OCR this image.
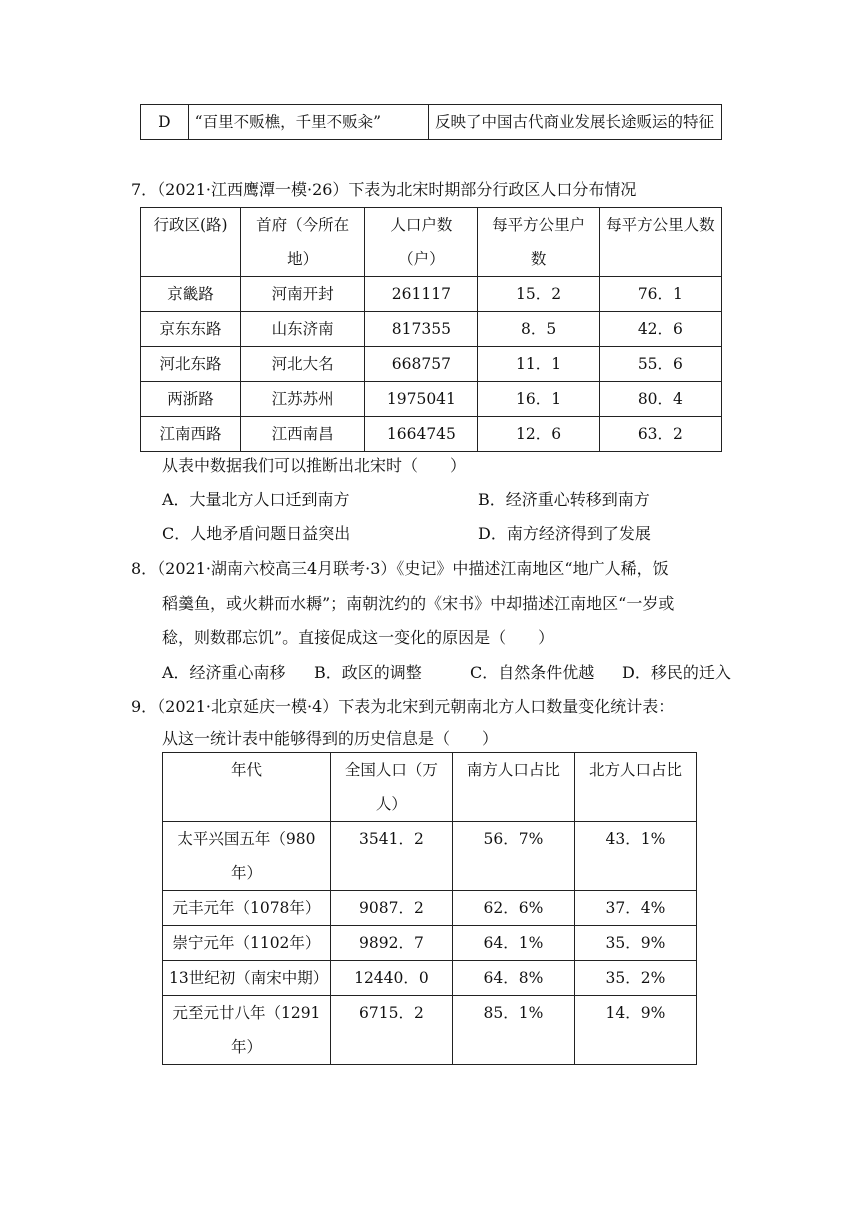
D	“百里不贩樵，千里不贩籴”	反映了中国古代商业发展长途贩运的特征
7．（2021·江西鹰潭一模·26）下表为北宋时期部分行政区人口分布情况
行政区(路)	首府（今所在地）	人口户数（户）	每平方公里户数	每平方公里人数
京畿路	河南开封	261117	15．2	76．1
京东东路	山东济南	817355	8．5	42．6
河北东路	河北大名	668757	11．1	55．6
两浙路	江苏苏州	1975041	16．1	80．4
江南西路	江西南昌	1664745	12．6	63．2
从表中数据我们可以推断出北宋时（　　）
A．大量北方人口迁到南方	B．经济重心转移到南方
C．人地矛盾问题日益突出	D．南方经济得到了发展
8．（2021·湖南六校高三4月联考·3）《史记》中描述江南地区“地广人稀，饭
稻羹鱼，或火耕而水耨”；南朝沈约的《宋书》中却描述江南地区“一岁或
稔，则数郡忘饥”。直接促成这一变化的原因是（　　）
A．经济重心南移 B．政区的调整	C．自然条件优越 D．移民的迁入
9．（2021·北京延庆一模·4）下表为北宋到元朝南北方人口数量变化统计表：
从这一统计表中能够得到的历史信息是（　　）
年代	全国人口（万人）	南方人口占比	北方人口占比
太平兴国五年（980年）	3541．2	56．7%	43．1%
元丰元年（1078年）	9087．2	62．6%	37．4%
崇宁元年（1102年）	9892．7	64．1%	35．9%
13世纪初（南宋中期）	12440．0	64．8%	35．2%
元至元廿八年（1291年）	6715．2	85．1%	14．9%
